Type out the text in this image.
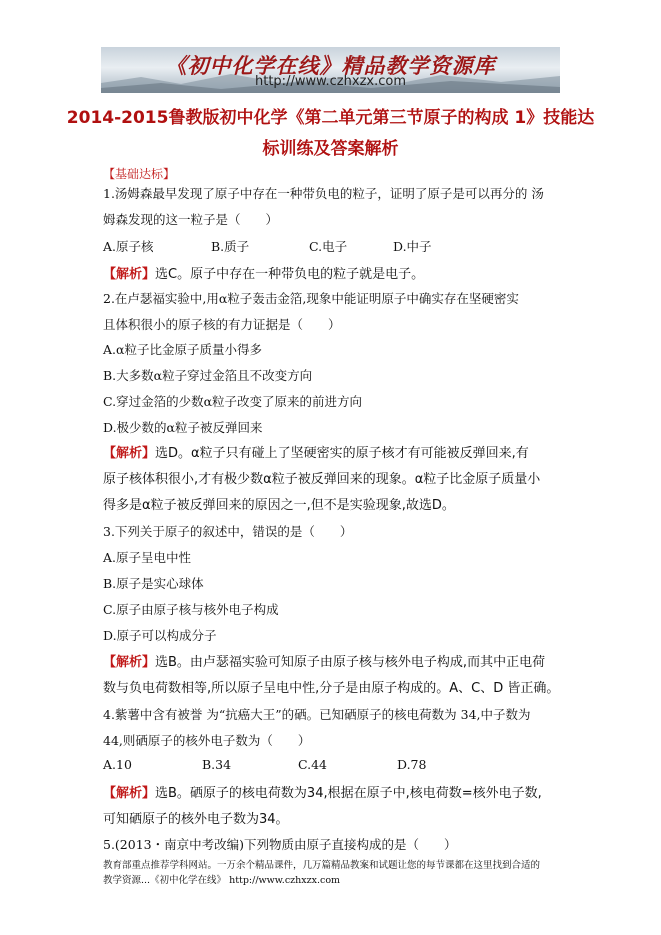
《初中化学在线》精品教学资源库
http://www.czhxzx.com
2014-2015鲁教版初中化学《第二单元第三节原子的构成 1》技能达
标训练及答案解析
【基础达标】
1.汤姆森最早发现了原子中存在一种带负电的粒子，证明了原子是可以再分的 汤
姆森发现的这一粒子是（　　）
A.原子核	B.质子	C.电子	D.中子
【解析】选C。原子中存在一种带负电的粒子就是电子。
2.在卢瑟福实验中,用α粒子轰击金箔,现象中能证明原子中确实存在坚硬密实
且体积很小的原子核的有力证据是（　　）
A.α粒子比金原子质量小得多
B.大多数α粒子穿过金箔且不改变方向
C.穿过金箔的少数α粒子改变了原来的前进方向
D.极少数的α粒子被反弹回来
【解析】选D。α粒子只有碰上了坚硬密实的原子核才有可能被反弹回来,有
原子核体积很小,才有极少数α粒子被反弹回来的现象。α粒子比金原子质量小
得多是α粒子被反弹回来的原因之一,但不是实验现象,故选D。
3.下列关于原子的叙述中，错误的是（　　）
A.原子呈电中性
B.原子是实心球体
C.原子由原子核与核外电子构成
D.原子可以构成分子
【解析】选B。由卢瑟福实验可知原子由原子核与核外电子构成,而其中正电荷
数与负电荷数相等,所以原子呈电中性,分子是由原子构成的。A、C、D 皆正确。
4.紫薯中含有被誉 为“抗癌大王”的硒。已知硒原子的核电荷数为 34,中子数为
44,则硒原子的核外电子数为（　　）
A.10	B.34	C.44	D.78
【解析】选B。硒原子的核电荷数为34,根据在原子中,核电荷数=核外电子数,
可知硒原子的核外电子数为34。
5.(2013・南京中考改编)下列物质由原子直接构成的是（　　）
教育部重点推荐学科网站。一万余个精品课件，几万篇精品教案和试题让您的每节课都在这里找到合适的
教学资源...《初中化学在线》 http://www.czhxzx.com
